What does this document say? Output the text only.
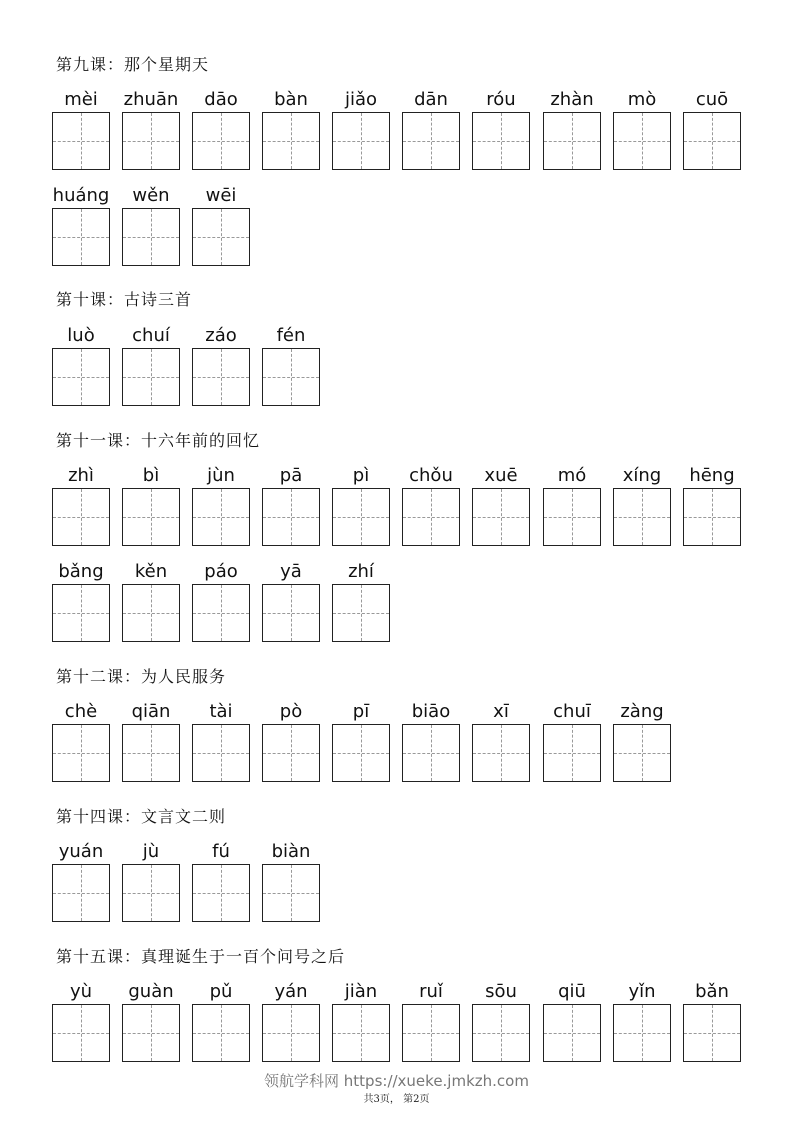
第九课：那个星期天
mèi	zhuān	dāo	bàn	jiǎo	dān	róu	zhàn	mò	cuō
huáng	wěn	wēi
第十课：古诗三首
luò	chuí	záo	fén
第十一课：十六年前的回忆
zhì	bì	jùn	pā	pì	chǒu	xuē	mó	xíng	hēng
bǎng	kěn	páo	yā	zhí
第十二课：为人民服务
chè	qiān	tài	pò	pī	biāo	xī	chuī	zàng
第十四课：文言文二则
yuán	jù	fú	biàn
第十五课：真理诞生于一百个问号之后
yù	guàn	pǔ	yán	jiàn	ruǐ	sōu	qiū	yǐn	bǎn
领航学科网 https://xueke.jmkzh.com
共3页， 第2页
